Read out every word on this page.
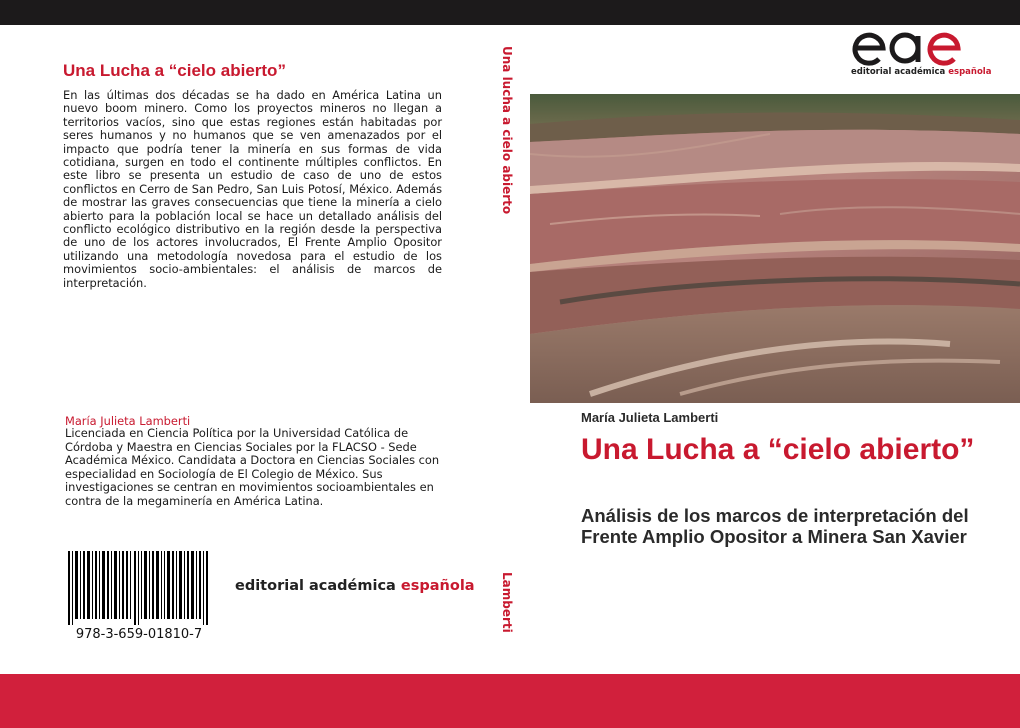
Una Lucha a “cielo abierto”
En las últimas dos décadas se ha dado en América Latina un nuevo boom minero. Como los proyectos mineros no llegan a territorios vacíos, sino que estas regiones están habitadas por seres humanos y no humanos que se ven amenazados por el impacto que podría tener la minería en sus formas de vida cotidiana, surgen en todo el continente múltiples conflictos. En este libro se presenta un estudio de caso de uno de estos conflictos en Cerro de San Pedro, San Luis Potosí, México. Además de mostrar las graves consecuencias que tiene la minería a cielo abierto para la población local se hace un detallado análisis del conflicto ecológico distributivo en la región desde la perspectiva de uno de los actores involucrados, El Frente Amplio Opositor utilizando una metodología novedosa para el estudio de los movimientos socio-ambientales: el análisis de marcos de interpretación.
María Julieta Lamberti
Licenciada en Ciencia Política por la Universidad Católica de Córdoba y Maestra en Ciencias Sociales por la FLACSO - Sede Académica México. Candidata a Doctora en Ciencias Sociales con especialidad en Sociología de El Colegio de México. Sus investigaciones se centran en movimientos socioambientales en contra de la megaminería en América Latina.
978-3-659-01810-7
editorial académica española
Una lucha a cielo abierto
Lamberti
editorial académica española
María Julieta Lamberti
Una Lucha a “cielo abierto”
Análisis de los marcos de interpretación del Frente Amplio Opositor a Minera San Xavier
